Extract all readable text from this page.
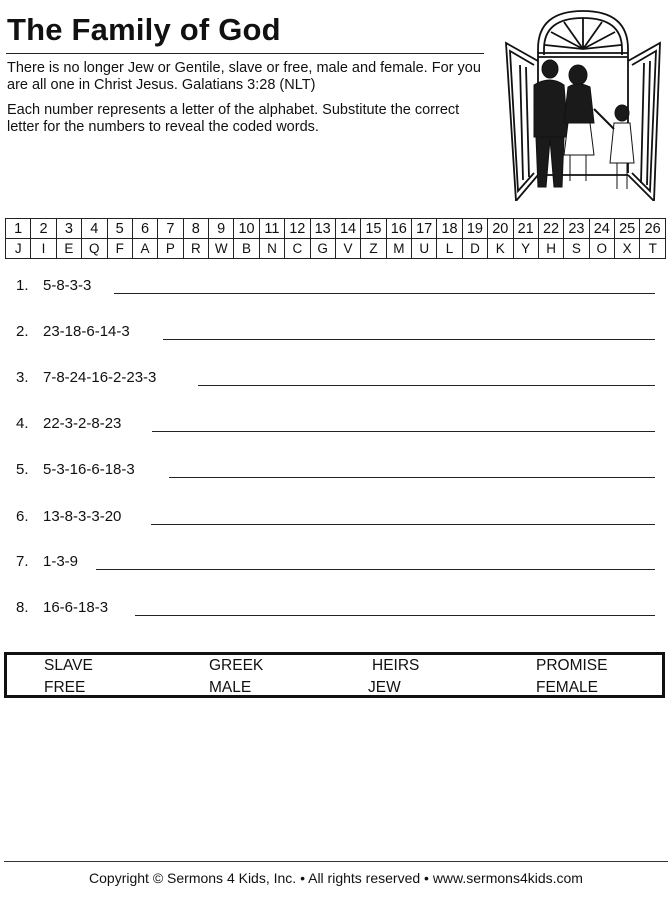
The Family of God
There is no longer Jew or Gentile, slave or free, male and female. For you are all one in Christ Jesus. Galatians 3:28 (NLT)
Each number represents a letter of the alphabet. Substitute the correct letter for the numbers to reveal the coded words.
1	2	3	4	5	6	7	8	9	10	11	12	13	14	15	16	17	18	19	20	21	22	23	24	25	26
J	I	E	Q	F	A	P	R	W	B	N	C	G	V	Z	M	U	L	D	K	Y	H	S	O	X	T
1. 5-8-3-3
2. 23-18-6-14-3
3. 7-8-24-16-2-23-3
4. 22-3-2-8-23
5. 5-3-16-6-18-3
6. 13-8-3-3-20
7. 1-3-9
8. 16-6-18-3
SLAVE	GREEK	HEIRS	PROMISE
FREE	MALE	JEW	FEMALE
Copyright © Sermons 4 Kids, Inc. • All rights reserved • www.sermons4kids.com
